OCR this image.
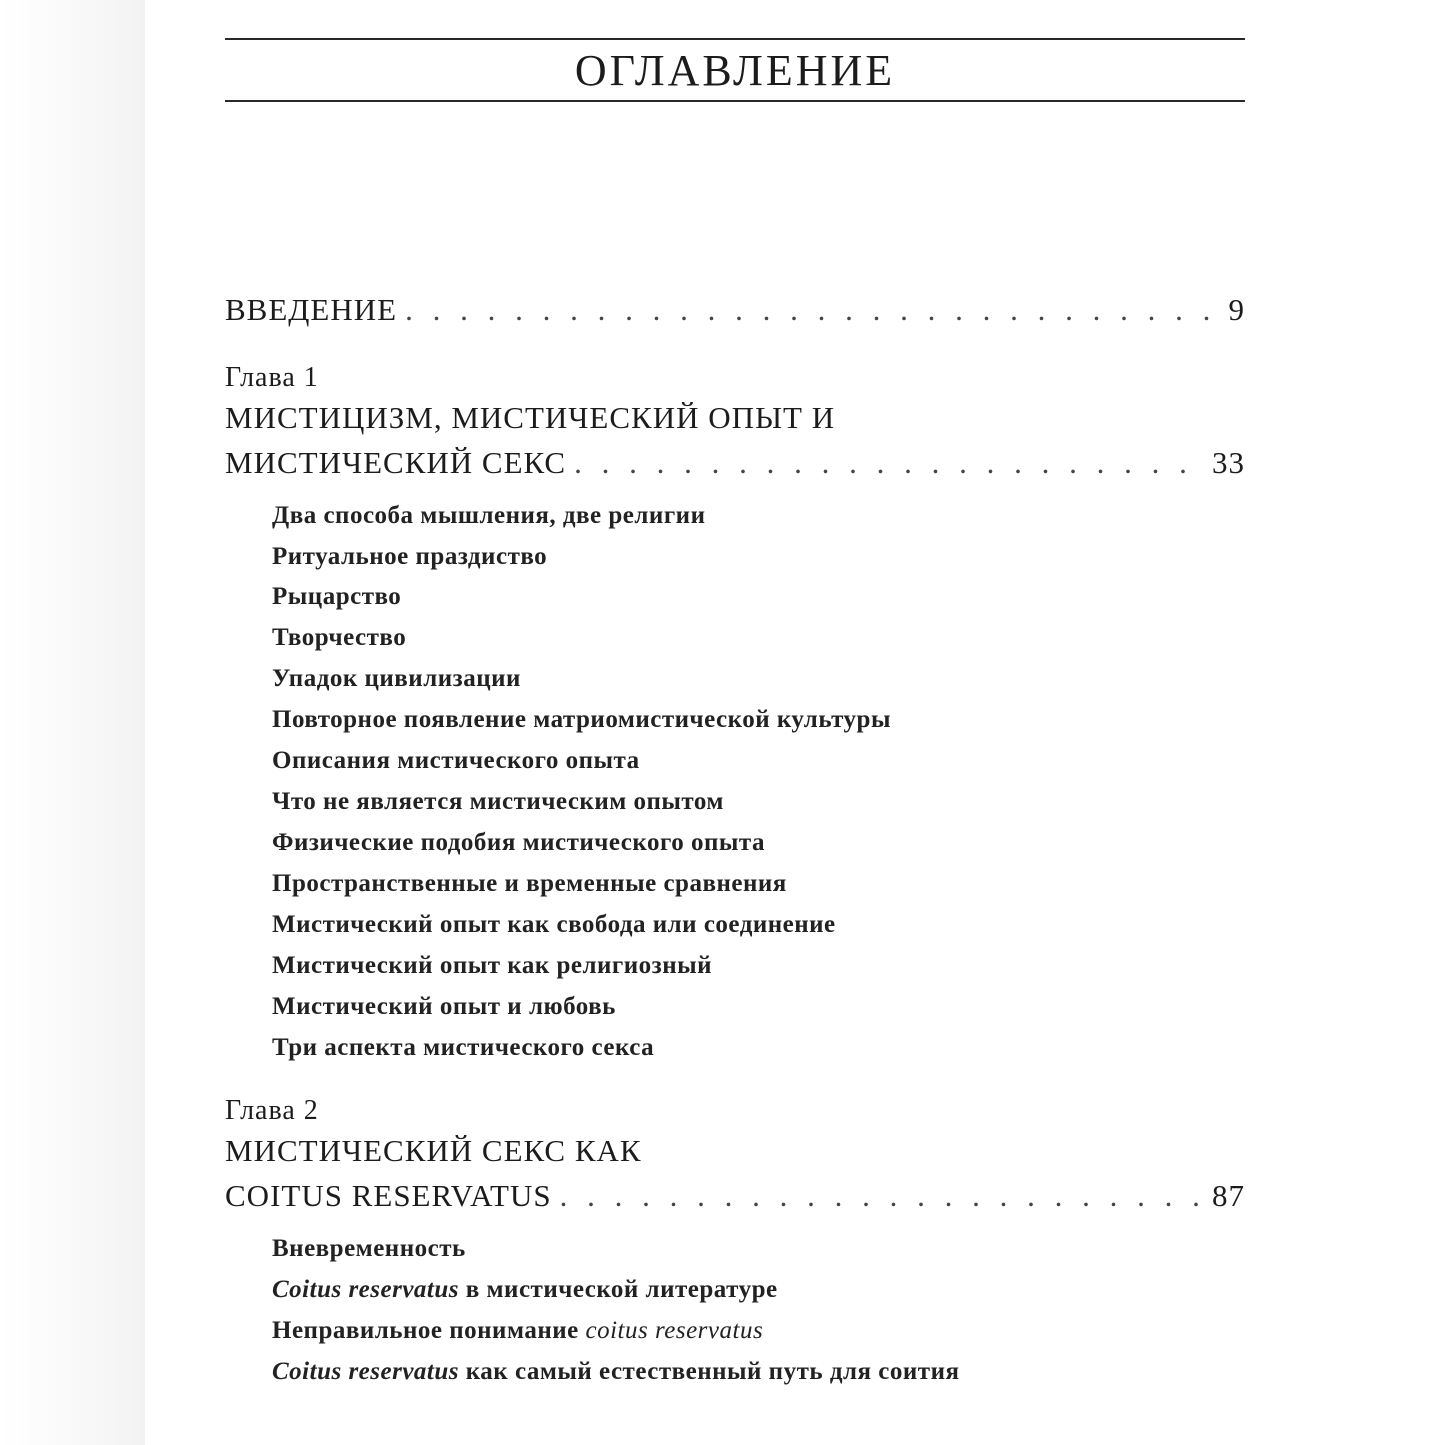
ОГЛАВЛЕНИЕ
ВВЕДЕНИЕ . . .	9
Глава 1
МИСТИЦИЗМ, МИСТИЧЕСКИЙ ОПЫТ И
МИСТИЧЕСКИЙ СЕКС . . .	33
Два способа мышления, две религии
Ритуальное праздиство
Рыцарство
Творчество
Упадок цивилизации
Повторное появление матриомистической культуры
Описания мистического опыта
Что не является мистическим опытом
Физические подобия мистического опыта
Пространственные и временные сравнения
Мистический опыт как свобода или соединение
Мистический опыт как религиозный
Мистический опыт и любовь
Три аспекта мистического секса
Глава 2
МИСТИЧЕСКИЙ СЕКС КАК
COITUS RESERVATUS . . .	87
Вневременность
Coitus reservatus в мистической литературе
Неправильное понимание coitus reservatus
Coitus reservatus как самый естественный путь для соития
